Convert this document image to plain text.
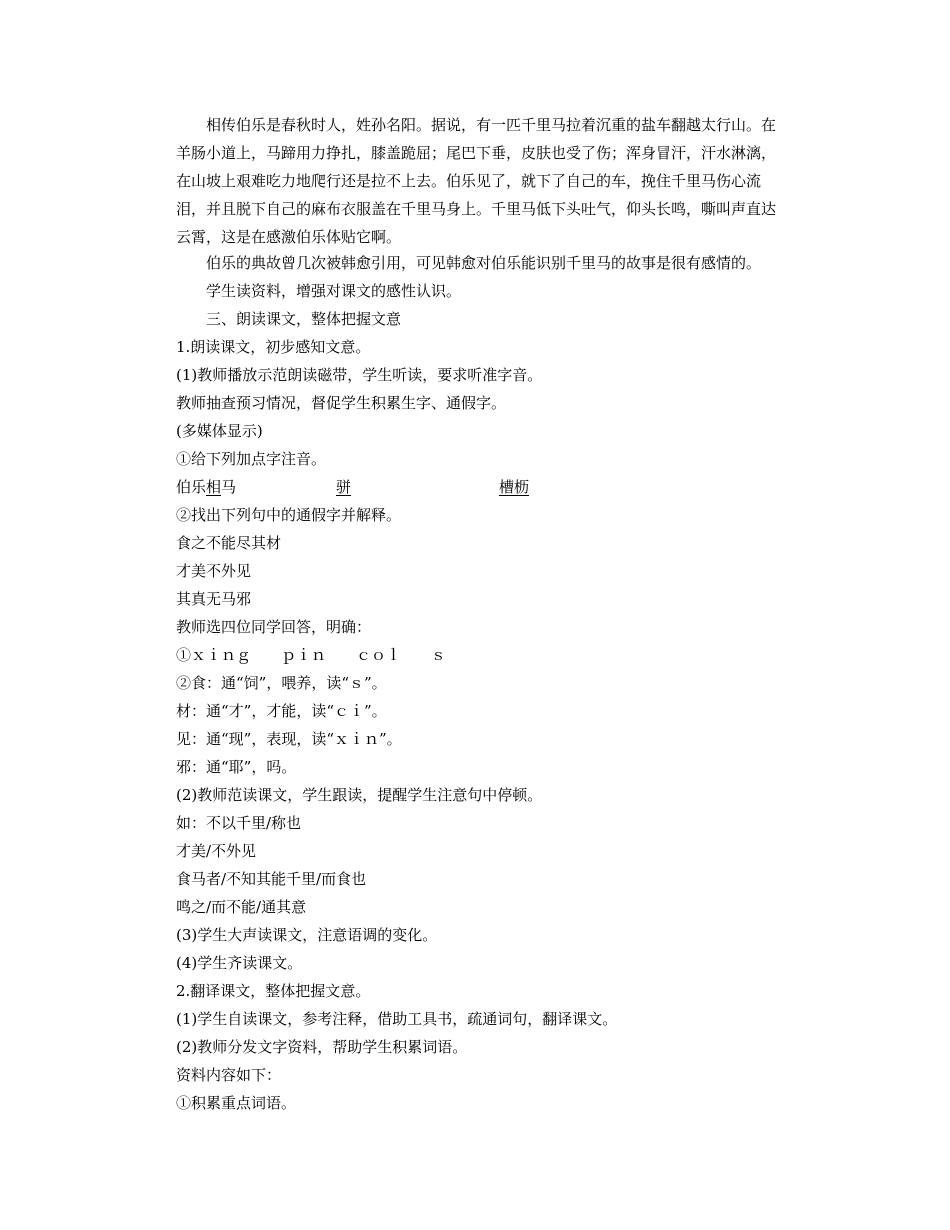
相传伯乐是春秋时人，姓孙名阳。据说，有一匹千里马拉着沉重的盐车翻越太行山。在羊肠小道上，马蹄用力挣扎，膝盖跪屈；尾巴下垂，皮肤也受了伤；浑身冒汗，汗水淋漓，在山坡上艰难吃力地爬行还是拉不上去。伯乐见了，就下了自己的车，挽住千里马伤心流泪，并且脱下自己的麻布衣服盖在千里马身上。千里马低下头吐气，仰头长鸣，嘶叫声直达云霄，这是在感激伯乐体贴它啊。

　　伯乐的典故曾几次被韩愈引用，可见韩愈对伯乐能识别千里马的故事是很有感情的。

　　学生读资料，增强对课文的感性认识。

　　三、朗读课文，整体把握文意

1.朗读课文，初步感知文意。

(1)教师播放示范朗读磁带，学生听读，要求听准字音。

教师抽查预习情况，督促学生积累生字、通假字。

(多媒体显示)

①给下列加点字注音。

伯乐相马	骈	槽枥

②找出下列句中的通假字并解释。

食之不能尽其材

才美不外见

其真无马邪

教师选四位同学回答，明确：

①ｘｉｎｇ　　ｐｉｎ　　ｃｏｌ　　ｓ

②食：通“饲”，喂养，读“ｓ”。

材：通“才”，才能，读“ｃｉ”。

见：通“现”，表现，读“ｘｉｎ”。

邪：通“耶”，吗。

(2)教师范读课文，学生跟读，提醒学生注意句中停顿。

如：不以千里/称也

才美/不外见

食马者/不知其能千里/而食也

鸣之/而不能/通其意

(3)学生大声读课文，注意语调的变化。

(4)学生齐读课文。

2.翻译课文，整体把握文意。

(1)学生自读课文，参考注释，借助工具书，疏通词句，翻译课文。

(2)教师分发文字资料，帮助学生积累词语。

资料内容如下：

①积累重点词语。
